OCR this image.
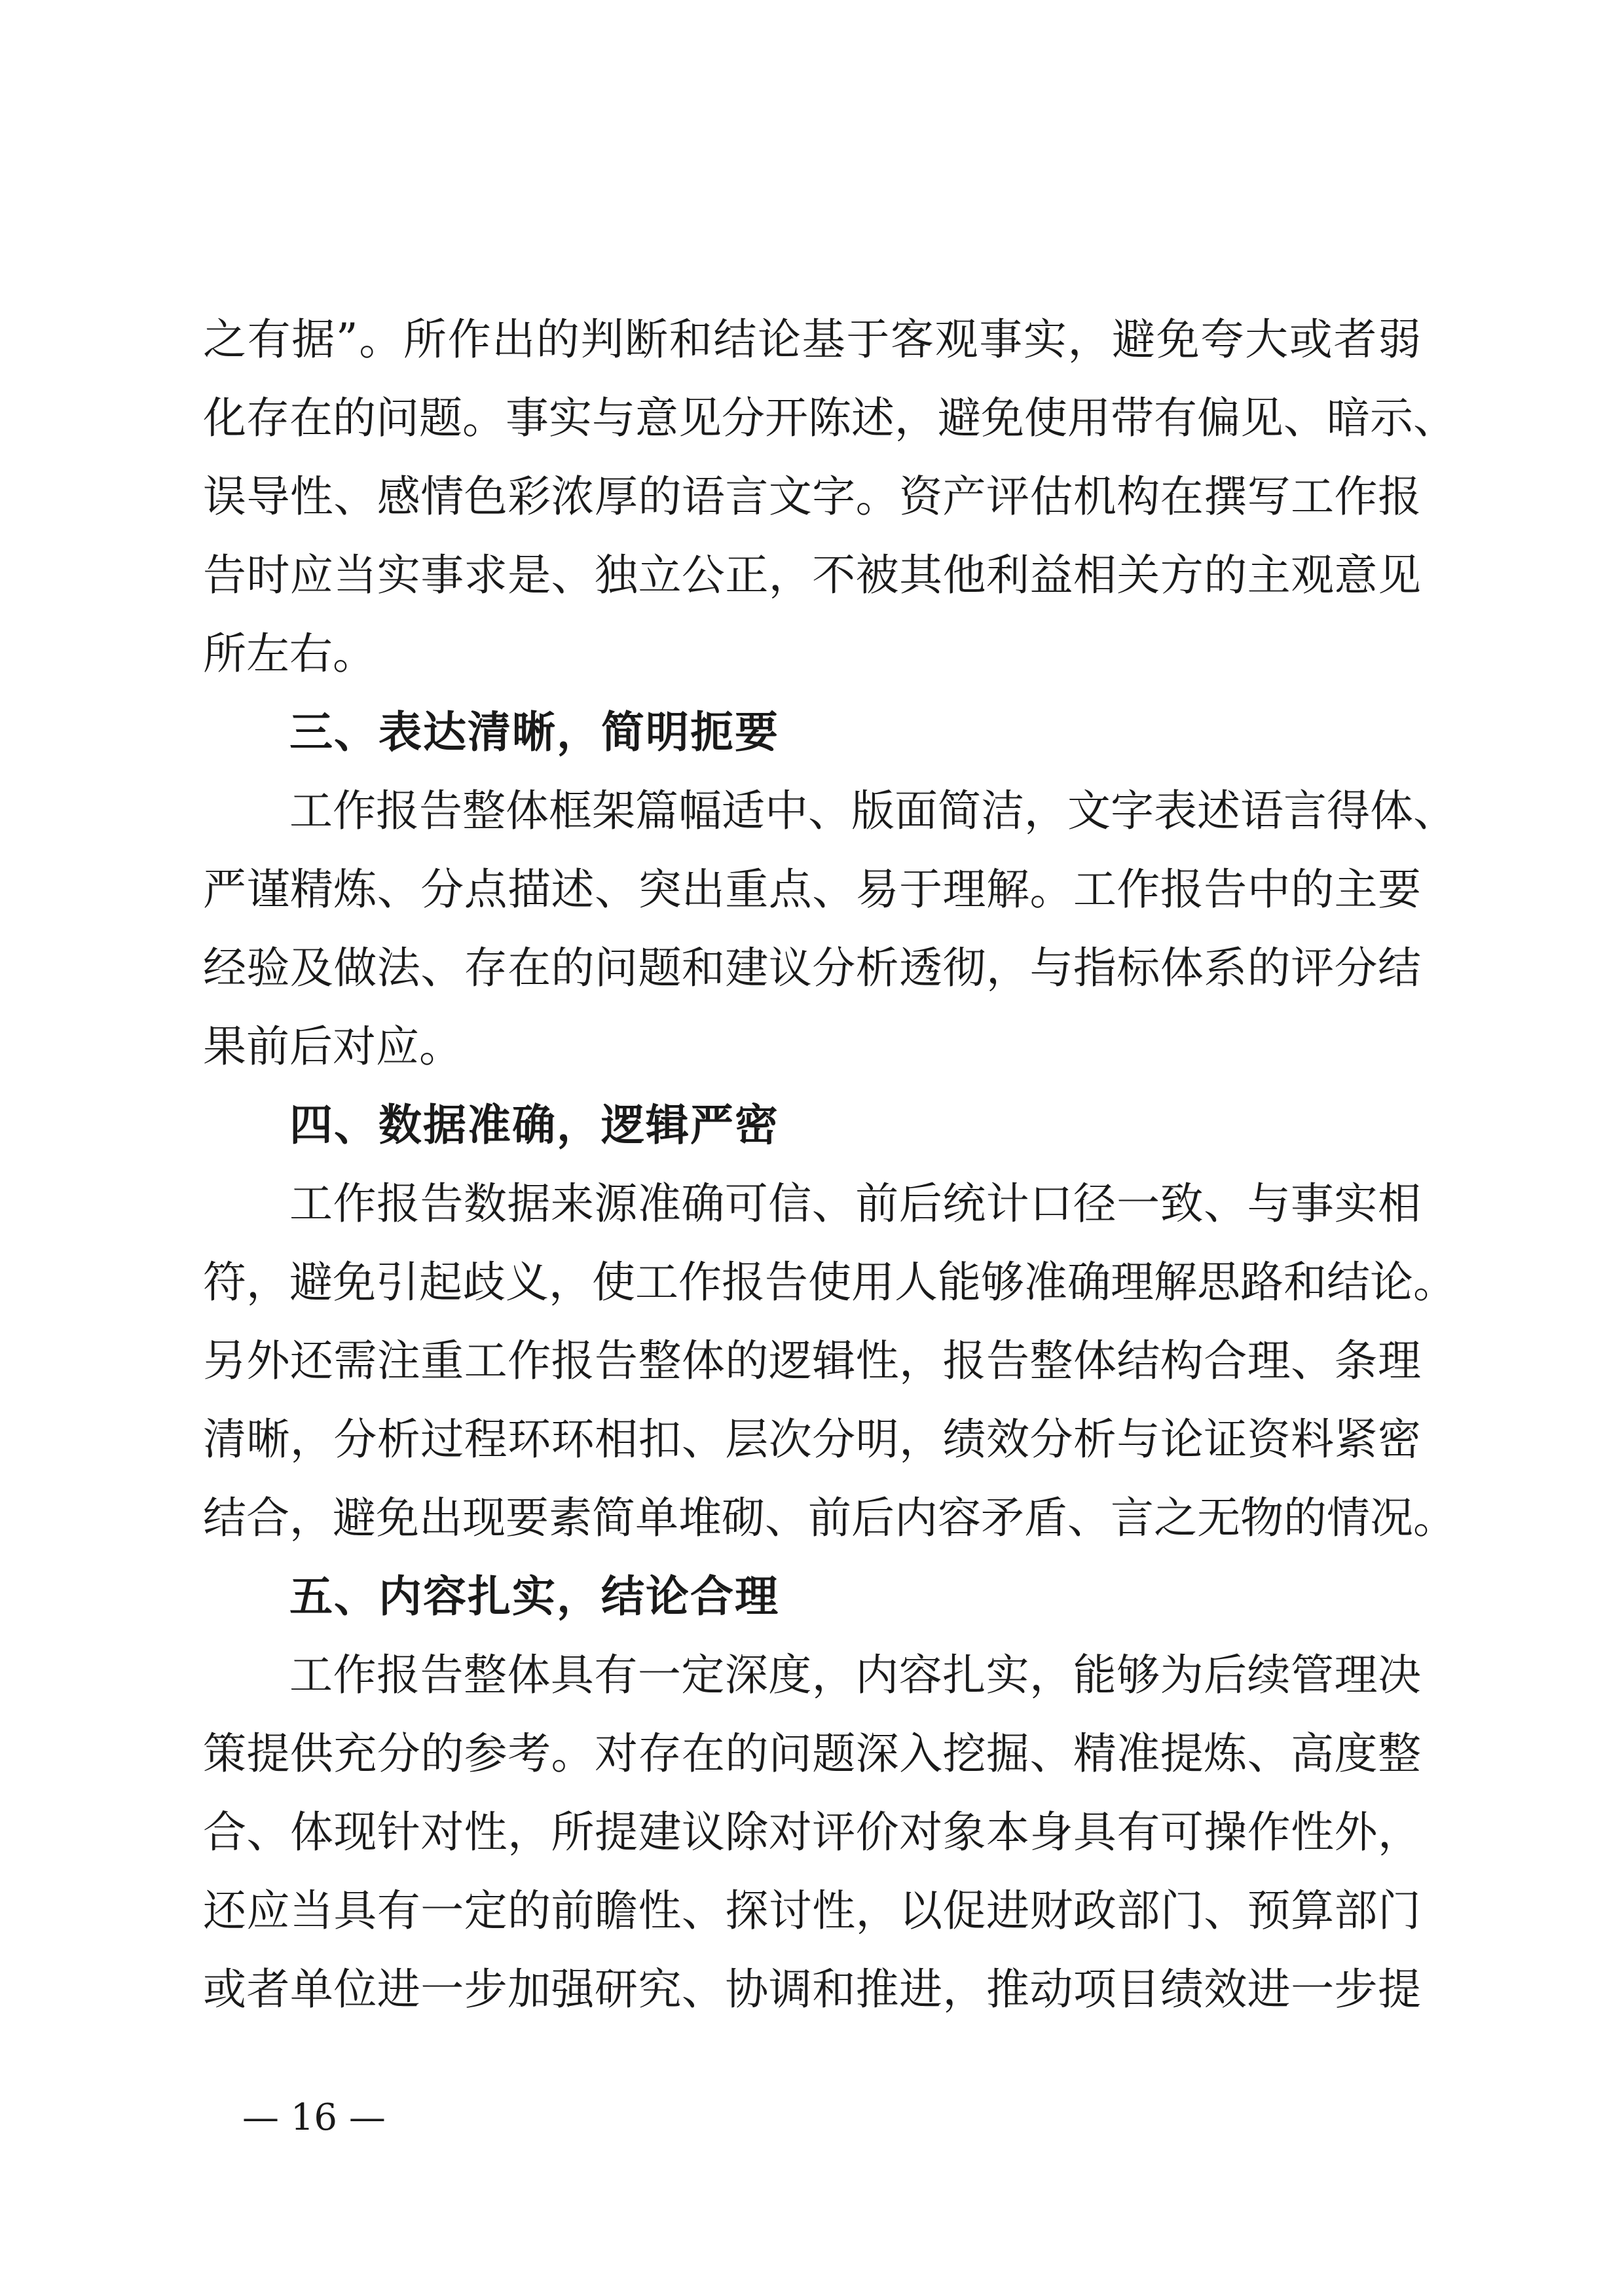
之有据”。所作出的判断和结论基于客观事实，避免夸大或者弱
化存在的问题。事实与意见分开陈述，避免使用带有偏见、暗示、
误导性、感情色彩浓厚的语言文字。资产评估机构在撰写工作报
告时应当实事求是、独立公正，不被其他利益相关方的主观意见
所左右。
三、表达清晰，简明扼要
工作报告整体框架篇幅适中、版面简洁，文字表述语言得体、
严谨精炼、分点描述、突出重点、易于理解。工作报告中的主要
经验及做法、存在的问题和建议分析透彻，与指标体系的评分结
果前后对应。
四、数据准确，逻辑严密
工作报告数据来源准确可信、前后统计口径一致、与事实相
符，避免引起歧义，使工作报告使用人能够准确理解思路和结论。
另外还需注重工作报告整体的逻辑性，报告整体结构合理、条理
清晰，分析过程环环相扣、层次分明，绩效分析与论证资料紧密
结合，避免出现要素简单堆砌、前后内容矛盾、言之无物的情况。
五、内容扎实，结论合理
工作报告整体具有一定深度，内容扎实，能够为后续管理决
策提供充分的参考。对存在的问题深入挖掘、精准提炼、高度整
合、体现针对性，所提建议除对评价对象本身具有可操作性外，
还应当具有一定的前瞻性、探讨性，以促进财政部门、预算部门
或者单位进一步加强研究、协调和推进，推动项目绩效进一步提
— 16 —
